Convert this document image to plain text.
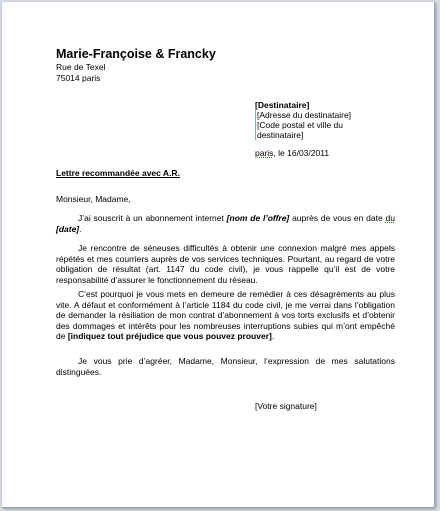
Marie-Françoise & Francky
Rue de Texel
75014 paris
[Destinataire]
[Adresse du destinataire]
[Code postal et ville du
destinataire]
paris, le 16/03/2011
Lettre recommandée avec A.R.
Monsieur, Madame,
J’ai souscrit à un abonnement internet [nom de l’offre] auprès de vous en date du [date].
Je rencontre de séneuses difficultés à obtenir une connexion malgré mes appels répétés et mes courriers auprès de vos services techniques. Pourtant, au regard de votre obligation de résultat (art. 1147 du code civil), je vous rappelle qu’il est de votre responsabilité d’assurer le fonctionnement du réseau.
C’est pourquoi je vous mets en demeure de remédier à ces désagréments au plus vite. A défaut et conformément à l’article 1184 du code civil, je me verrai dans l’obligation de demander la résiliation de mon contrat d’abonnement à vos torts exclusifs et d’obtenir des dommages et intérêts pour les nombreuses interruptions subies qui m’ont empêché de [indiquez tout préjudice que vous pouvez prouver].
Je vous prie d’agréer, Madame, Monsieur, l’expression de mes salutations distinguées.
[Votre signature]
